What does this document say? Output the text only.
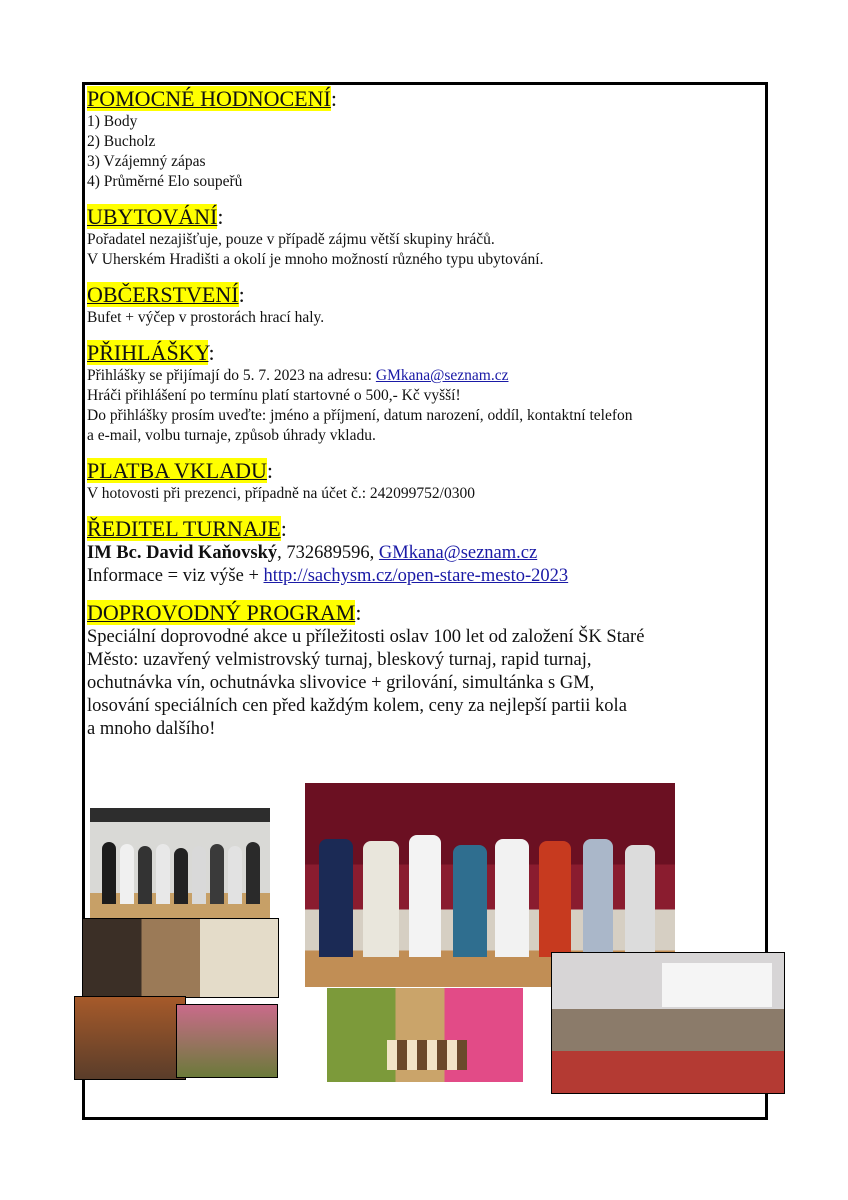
POMOCNÉ HODNOCENÍ:

1) Body

2) Bucholz

3) Vzájemný zápas

4) Průměrné Elo soupeřů

UBYTOVÁNÍ:

Pořadatel nezajišťuje, pouze v případě zájmu větší skupiny hráčů.

V Uherském Hradišti a okolí je mnoho možností různého typu ubytování.

OBČERSTVENÍ:

Bufet + výčep v prostorách hrací haly.

PŘIHLÁŠKY:

Přihlášky se přijímají do 5. 7. 2023 na adresu: GMkana@seznam.cz

Hráči přihlášení po termínu platí startovné o 500,- Kč vyšší!

Do přihlášky prosím uveďte: jméno a příjmení, datum narození, oddíl, kontaktní telefon

a e-mail, volbu turnaje, způsob úhrady vkladu.

PLATBA VKLADU:

V hotovosti při prezenci, případně na účet č.: 242099752/0300

ŘEDITEL TURNAJE:

IM Bc. David Kaňovský, 732689596, GMkana@seznam.cz

Informace = viz výše + http://sachysm.cz/open-stare-mesto-2023

DOPROVODNÝ PROGRAM:

Speciální doprovodné akce u příležitosti oslav 100 let od založení ŠK Staré

Město: uzavřený velmistrovský turnaj, bleskový turnaj, rapid turnaj,

ochutnávka vín, ochutnávka slivovice + grilování, simultánka s GM,

losování speciálních cen před každým kolem, ceny za nejlepší partii kola

a mnoho dalšího!
